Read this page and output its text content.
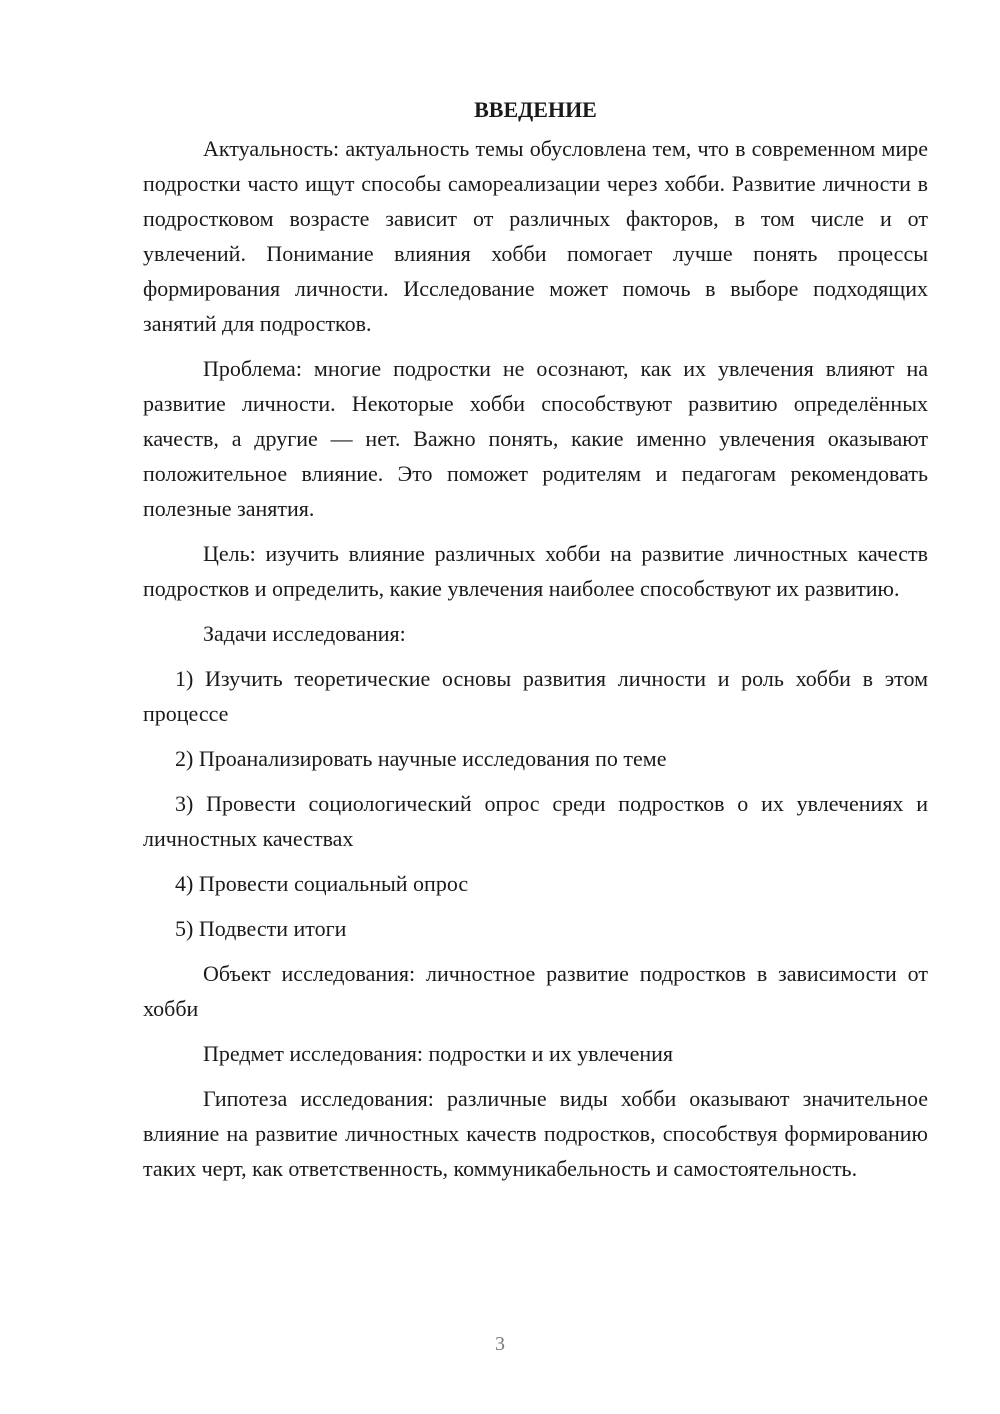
ВВЕДЕНИЕ

Актуальность: актуальность темы обусловлена тем, что в современном мире подростки часто ищут способы самореализации через хобби. Развитие личности в подростковом возрасте зависит от различных факторов, в том числе и от увлечений. Понимание влияния хобби помогает лучше понять процессы формирования личности. Исследование может помочь в выборе подходящих занятий для подростков.

Проблема: многие подростки не осознают, как их увлечения влияют на развитие личности. Некоторые хобби способствуют развитию определённых качеств, а другие — нет. Важно понять, какие именно увлечения оказывают положительное влияние. Это поможет родителям и педагогам рекомендовать полезные занятия.

Цель: изучить влияние различных хобби на развитие личностных качеств подростков и определить, какие увлечения наиболее способствуют их развитию.

Задачи исследования:

1) Изучить теоретические основы развития личности и роль хобби в этом процессе

2) Проанализировать научные исследования по теме

3) Провести социологический опрос среди подростков о их увлечениях и личностных качествах

4) Провести социальный опрос

5) Подвести итоги

Объект исследования: личностное развитие подростков в зависимости от хобби

Предмет исследования: подростки и их увлечения

Гипотеза исследования: различные виды хобби оказывают значительное влияние на развитие личностных качеств подростков, способствуя формированию таких черт, как ответственность, коммуникабельность и самостоятельность.

3
